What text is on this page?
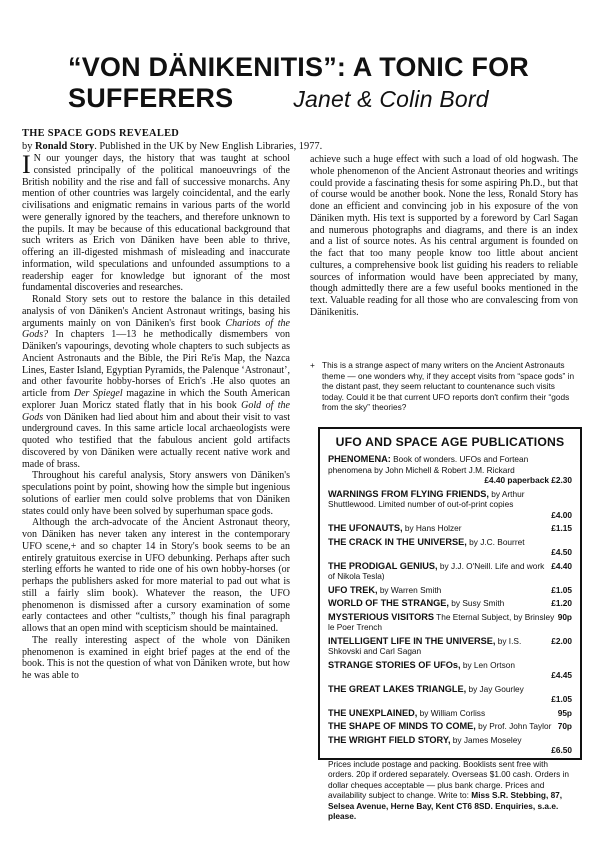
“VON DÄNIKENITIS”: A TONIC FOR
SUFFERERS	Janet & Colin Bord
THE SPACE GODS REVEALED
by Ronald Story. Published in the UK by New English Libraries, 1977.

I N our younger days, the history that was taught at school consisted principally of the political manoeuvrings of the British nobility and the rise and fall of successive monarchs. Any mention of other countries was largely coincidental, and the early civilisations and enigmatic remains in various parts of the world were generally ignored by the teachers, and therefore unknown to the pupils. It may be because of this educational background that such writers as Erich von Däniken have been able to thrive, offering an ill-digested mishmash of misleading and inaccurate information, wild speculations and unfounded assumptions to a readership eager for knowledge but ignorant of the most fundamental discoveries and researches.

Ronald Story sets out to restore the balance in this detailed analysis of von Däniken's Ancient Astronaut writings, basing his arguments mainly on von Däniken's first book Chariots of the Gods? In chapters 1—13 he methodically dismembers von Däniken's vapourings, devoting whole chapters to such subjects as Ancient Astronauts and the Bible, the Piri Re'is Map, the Nazca Lines, Easter Island, Egyptian Pyramids, the Palenque ‘Astronaut’, and other favourite hobby-horses of Erich's .He also quotes an article from Der Spiegel magazine in which the South American explorer Juan Moricz stated flatly that in his book Gold of the Gods von Däniken had lied about him and about their visit to vast underground caves. In this same article local archaeologists were quoted who testified that the fabulous ancient gold artifacts discovered by von Däniken were actually recent native work and made of brass.

Throughout his careful analysis, Story answers von Däniken's speculations point by point, showing how the simple but ingenious solutions of earlier men could solve problems that von Däniken states could only have been solved by superhuman space gods.

Although the arch-advocate of the Ancient Astronaut theory, von Däniken has never taken any interest in the contemporary UFO scene,+ and so chapter 14 in Story's book seems to be an entirely gratuitous exercise in UFO debunking. Perhaps after such sterling efforts he wanted to ride one of his own hobby-horses (or perhaps the publishers asked for more material to pad out what is still a fairly slim book). Whatever the reason, the UFO phenomenon is dismissed after a cursory examination of some early contactees and other “cultists,” though his final paragraph allows that an open mind with scepticism should be maintained.

The really interesting aspect of the whole von Däniken phenomenon is examined in eight brief pages at the end of the book. This is not the question of what von Däniken wrote, but how he was able to

achieve such a huge effect with such a load of old hogwash. The whole phenomenon of the Ancient Astronaut theories and writings could provide a fascinating thesis for some aspiring Ph.D., but that of course would be another book. None the less, Ronald Story has done an efficient and convincing job in his exposure of the von Däniken myth. His text is supported by a foreword by Carl Sagan and numerous photographs and diagrams, and there is an index and a list of source notes. As his central argument is founded on the fact that too many people know too little about ancient cultures, a comprehensive book list guiding his readers to reliable sources of information would have been appreciated by many, though admittedly there are a few useful books mentioned in the text. Valuable reading for all those who are convalescing from von Dänikenitis.

+ This is a strange aspect of many writers on the Ancient Astronauts theme — one wonders why, if they accept visits from “space gods” in the distant past, they seem reluctant to countenance such visits today. Could it be that current UFO reports don't confirm their “gods from the sky” theories?
UFO AND SPACE AGE PUBLICATIONS
PHENOMENA: Book of wonders. UFOs and Fortean phenomena by John Michell & Robert J.M. Rickard
£4.40 paperback £2.30
WARNINGS FROM FLYING FRIENDS, by Arthur Shuttlewood. Limited number of out-of-print copies
£4.00
THE UFONAUTS, by Hans Holzer	£1.15
THE CRACK IN THE UNIVERSE, by J.C. Bourret
£4.50
THE PRODIGAL GENIUS, by J.J. O'Neill. Life and work of Nikola Tesla)
£4.40
UFO TREK, by Warren Smith	£1.05
WORLD OF THE STRANGE, by Susy Smith	£1.20
MYSTERIOUS VISITORS The Eternal Subject, by Brinsley le Poer Trench
90p
INTELLIGENT LIFE IN THE UNIVERSE, by I.S. Shkovski and Carl Sagan
£2.00
STRANGE STORIES OF UFOs, by Len Ortson
£4.45
THE GREAT LAKES TRIANGLE, by Jay Gourley
£1.05
THE UNEXPLAINED, by William Corliss	95p
THE SHAPE OF MINDS TO COME, by Prof. John Taylor 70p
THE WRIGHT FIELD STORY, by James Moseley
£6.50
Prices include postage and packing. Booklists sent free with orders. 20p if ordered separately. Overseas $1.00 cash. Orders in dollar cheques acceptable — plus bank charge. Prices and availability subject to change. Write to: Miss S.R. Stebbing, 87, Selsea Avenue, Herne Bay, Kent CT6 8SD. Enquiries, s.a.e. please.
